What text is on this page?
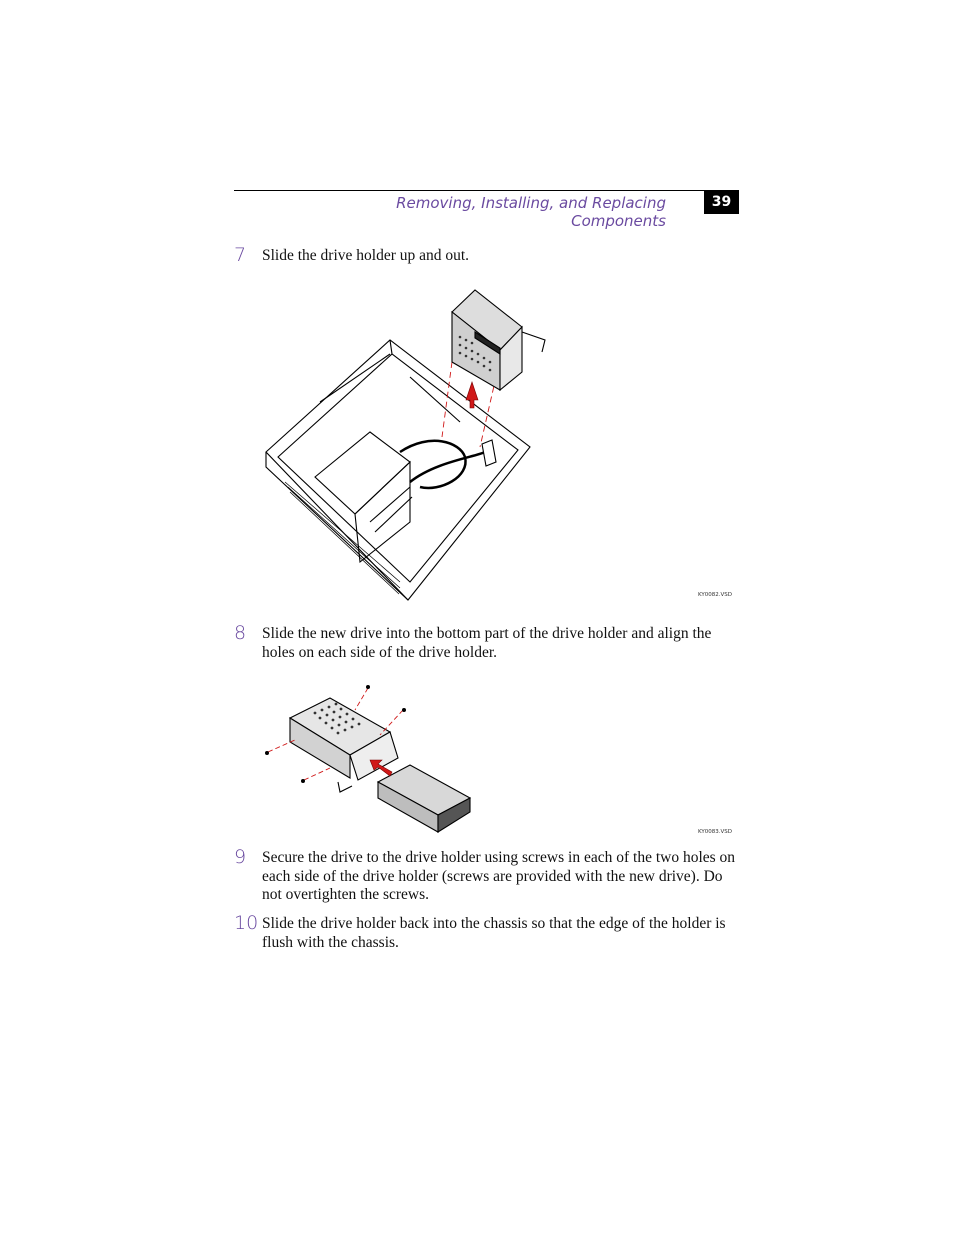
Removing, Installing, and Replacing Components
39
7 Slide the drive holder up and out.
KY0082.VSD
8 Slide the new drive into the bottom part of the drive holder and align the holes on each side of the drive holder.
KY0083.VSD
9 Secure the drive to the drive holder using screws in each of the two holes on each side of the drive holder (screws are provided with the new drive). Do not overtighten the screws.
10 Slide the drive holder back into the chassis so that the edge of the holder is flush with the chassis.
